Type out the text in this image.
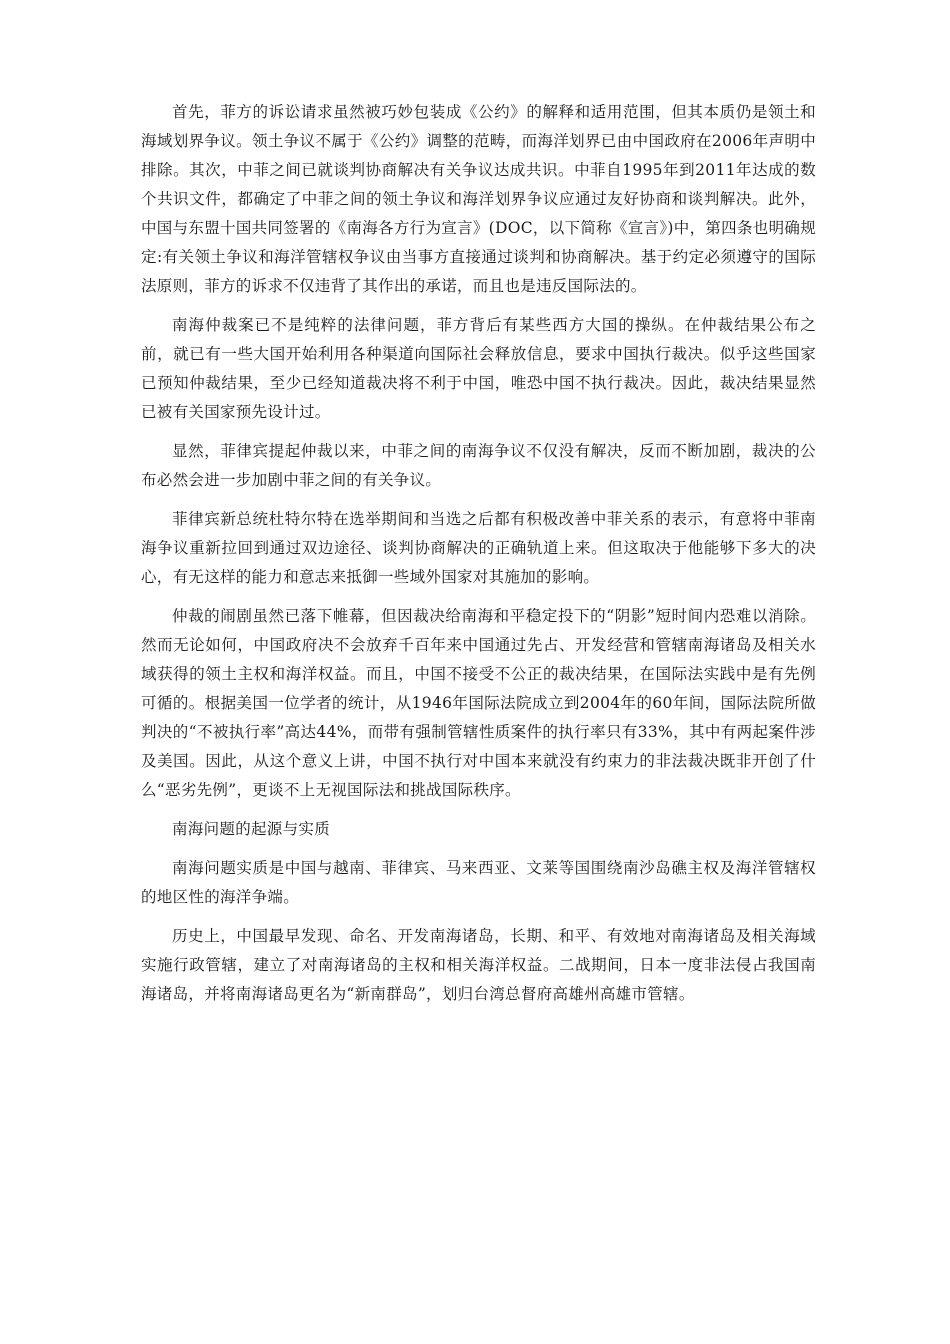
首先，菲方的诉讼请求虽然被巧妙包装成《公约》的解释和适用范围，但其本质仍是领土和海域划界争议。领土争议不属于《公约》调整的范畴，而海洋划界已由中国政府在2006年声明中排除。其次，中菲之间已就谈判协商解决有关争议达成共识。中菲自1995年到2011年达成的数个共识文件，都确定了中菲之间的领土争议和海洋划界争议应通过友好协商和谈判解决。此外，中国与东盟十国共同签署的《南海各方行为宣言》(DOC，以下简称《宣言》)中，第四条也明确规定:有关领土争议和海洋管辖权争议由当事方直接通过谈判和协商解决。基于约定必须遵守的国际法原则，菲方的诉求不仅违背了其作出的承诺，而且也是违反国际法的。

南海仲裁案已不是纯粹的法律问题，菲方背后有某些西方大国的操纵。在仲裁结果公布之前，就已有一些大国开始利用各种渠道向国际社会释放信息，要求中国执行裁决。似乎这些国家已预知仲裁结果，至少已经知道裁决将不利于中国，唯恐中国不执行裁决。因此，裁决结果显然已被有关国家预先设计过。

显然，菲律宾提起仲裁以来，中菲之间的南海争议不仅没有解决，反而不断加剧，裁决的公布必然会进一步加剧中菲之间的有关争议。

菲律宾新总统杜特尔特在选举期间和当选之后都有积极改善中菲关系的表示，有意将中菲南海争议重新拉回到通过双边途径、谈判协商解决的正确轨道上来。但这取决于他能够下多大的决心，有无这样的能力和意志来抵御一些域外国家对其施加的影响。

仲裁的闹剧虽然已落下帷幕，但因裁决给南海和平稳定投下的“阴影”短时间内恐难以消除。然而无论如何，中国政府决不会放弃千百年来中国通过先占、开发经营和管辖南海诸岛及相关水域获得的领土主权和海洋权益。而且，中国不接受不公正的裁决结果，在国际法实践中是有先例可循的。根据美国一位学者的统计，从1946年国际法院成立到2004年的60年间，国际法院所做判决的“不被执行率”高达44%，而带有强制管辖性质案件的执行率只有33%，其中有两起案件涉及美国。因此，从这个意义上讲，中国不执行对中国本来就没有约束力的非法裁决既非开创了什么“恶劣先例”，更谈不上无视国际法和挑战国际秩序。

南海问题的起源与实质

南海问题实质是中国与越南、菲律宾、马来西亚、文莱等国围绕南沙岛礁主权及海洋管辖权的地区性的海洋争端。

历史上，中国最早发现、命名、开发南海诸岛，长期、和平、有效地对南海诸岛及相关海域实施行政管辖，建立了对南海诸岛的主权和相关海洋权益。二战期间，日本一度非法侵占我国南海诸岛，并将南海诸岛更名为“新南群岛”，划归台湾总督府高雄州高雄市管辖。
